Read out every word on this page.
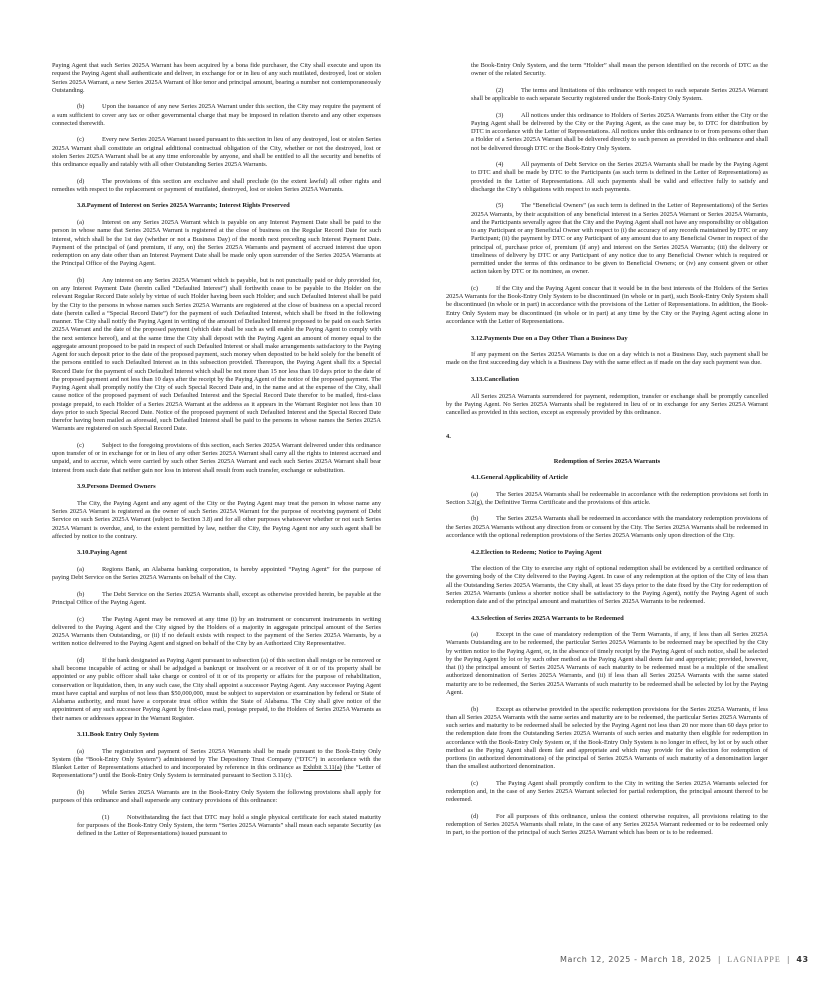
Paying Agent that such Series 2025A Warrant has been acquired by a bona fide purchaser, the City shall execute and upon its request the Paying Agent shall authenticate and deliver, in exchange for or in lieu of any such mutilated, destroyed, lost or stolen Series 2025A Warrant, a new Series 2025A Warrant of like tenor and principal amount, bearing a number not contemporaneously Outstanding.

(b)	Upon the issuance of any new Series 2025A Warrant under this section, the City may require the payment of a sum sufficient to cover any tax or other governmental charge that may be imposed in relation thereto and any other expenses connected therewith.

(c)	Every new Series 2025A Warrant issued pursuant to this section in lieu of any destroyed, lost or stolen Series 2025A Warrant shall constitute an original additional contractual obligation of the City, whether or not the destroyed, lost or stolen Series 2025A Warrant shall be at any time enforceable by anyone, and shall be entitled to all the security and benefits of this ordinance equally and ratably with all other Outstanding Series 2025A Warrants.

(d)	The provisions of this section are exclusive and shall preclude (to the extent lawful) all other rights and remedies with respect to the replacement or payment of mutilated, destroyed, lost or stolen Series 2025A Warrants.

3.8.Payment of Interest on Series 2025A Warrants; Interest Rights Preserved

(a)	Interest on any Series 2025A Warrant which is payable on any Interest Payment Date shall be paid to the person in whose name that Series 2025A Warrant is registered at the close of business on the Regular Record Date for such interest, which shall be the 1st day (whether or not a Business Day) of the month next preceding such Interest Payment Date. Payment of the principal of (and premium, if any, on) the Series 2025A Warrants and payment of accrued interest due upon redemption on any date other than an Interest Payment Date shall be made only upon surrender of the Series 2025A Warrants at the Principal Office of the Paying Agent.

(b)	Any interest on any Series 2025A Warrant which is payable, but is not punctually paid or duly provided for, on any Interest Payment Date (herein called “Defaulted Interest”) shall forthwith cease to be payable to the Holder on the relevant Regular Record Date solely by virtue of such Holder having been such Holder; and such Defaulted Interest shall be paid by the City to the persons in whose names such Series 2025A Warrants are registered at the close of business on a special record date (herein called a “Special Record Date”) for the payment of such Defaulted Interest, which shall be fixed in the following manner. The City shall notify the Paying Agent in writing of the amount of Defaulted Interest proposed to be paid on each Series 2025A Warrant and the date of the proposed payment (which date shall be such as will enable the Paying Agent to comply with the next sentence hereof), and at the same time the City shall deposit with the Paying Agent an amount of money equal to the aggregate amount proposed to be paid in respect of such Defaulted Interest or shall make arrangements satisfactory to the Paying Agent for such deposit prior to the date of the proposed payment, such money when deposited to be held solely for the benefit of the persons entitled to such Defaulted Interest as in this subsection provided. Thereupon, the Paying Agent shall fix a Special Record Date for the payment of such Defaulted Interest which shall be not more than 15 nor less than 10 days prior to the date of the proposed payment and not less than 10 days after the receipt by the Paying Agent of the notice of the proposed payment. The Paying Agent shall promptly notify the City of such Special Record Date and, in the name and at the expense of the City, shall cause notice of the proposed payment of such Defaulted Interest and the Special Record Date therefor to be mailed, first-class postage prepaid, to each Holder of a Series 2025A Warrant at the address as it appears in the Warrant Register not less than 10 days prior to such Special Record Date. Notice of the proposed payment of such Defaulted Interest and the Special Record Date therefor having been mailed as aforesaid, such Defaulted Interest shall be paid to the persons in whose names the Series 2025A Warrants are registered on such Special Record Date.

(c)	Subject to the foregoing provisions of this section, each Series 2025A Warrant delivered under this ordinance upon transfer of or in exchange for or in lieu of any other Series 2025A Warrant shall carry all the rights to interest accrued and unpaid, and to accrue, which were carried by such other Series 2025A Warrant and each such Series 2025A Warrant shall bear interest from such date that neither gain nor loss in interest shall result from such transfer, exchange or substitution.

3.9.Persons Deemed Owners

The City, the Paying Agent and any agent of the City or the Paying Agent may treat the person in whose name any Series 2025A Warrant is registered as the owner of such Series 2025A Warrant for the purpose of receiving payment of Debt Service on such Series 2025A Warrant (subject to Section 3.8) and for all other purposes whatsoever whether or not such Series 2025A Warrant is overdue, and, to the extent permitted by law, neither the City, the Paying Agent nor any such agent shall be affected by notice to the contrary.

3.10.Paying Agent

(a)	Regions Bank, an Alabama banking corporation, is hereby appointed “Paying Agent” for the purpose of paying Debt Service on the Series 2025A Warrants on behalf of the City.

(b)	The Debt Service on the Series 2025A Warrants shall, except as otherwise provided herein, be payable at the Principal Office of the Paying Agent.

(c)	The Paying Agent may be removed at any time (i) by an instrument or concurrent instruments in writing delivered to the Paying Agent and the City signed by the Holders of a majority in aggregate principal amount of the Series 2025A Warrants then Outstanding, or (ii) if no default exists with respect to the payment of the Series 2025A Warrants, by a written notice delivered to the Paying Agent and signed on behalf of the City by an Authorized City Representative.

(d)	If the bank designated as Paying Agent pursuant to subsection (a) of this section shall resign or be removed or shall become incapable of acting or shall be adjudged a bankrupt or insolvent or a receiver of it or of its property shall be appointed or any public officer shall take charge or control of it or of its property or affairs for the purpose of rehabilitation, conservation or liquidation, then, in any such case, the City shall appoint a successor Paying Agent. Any successor Paying Agent must have capital and surplus of not less than $50,000,000, must be subject to supervision or examination by federal or State of Alabama authority, and must have a corporate trust office within the State of Alabama. The City shall give notice of the appointment of any such successor Paying Agent by first-class mail, postage prepaid, to the Holders of Series 2025A Warrants as their names or addresses appear in the Warrant Register.

3.11.Book Entry Only System

(a)	The registration and payment of Series 2025A Warrants shall be made pursuant to the Book-Entry Only System (the “Book-Entry Only System”) administered by The Depository Trust Company (“DTC”) in accordance with the Blanket Letter of Representations attached to and incorporated by reference in this ordinance as Exhibit 3.11(a) (the “Letter of Representations”) until the Book-Entry Only System is terminated pursuant to Section 3.11(c).

(b)	While Series 2025A Warrants are in the Book-Entry Only System the following provisions shall apply for purposes of this ordinance and shall supersede any contrary provisions of this ordinance:

(1)	Notwithstanding the fact that DTC may hold a single physical certificate for each stated maturity for purposes of the Book-Entry Only System, the term “Series 2025A Warrants” shall mean each separate Security (as defined in the Letter of Representations) issued pursuant to

the Book-Entry Only System, and the term “Holder” shall mean the person identified on the records of DTC as the owner of the related Security.

(2)	The terms and limitations of this ordinance with respect to each separate Series 2025A Warrant shall be applicable to each separate Security registered under the Book-Entry Only System.

(3)	All notices under this ordinance to Holders of Series 2025A Warrants from either the City or the Paying Agent shall be delivered by the City or the Paying Agent, as the case may be, to DTC for distribution by DTC in accordance with the Letter of Representations. All notices under this ordinance to or from persons other than a Holder of a Series 2025A Warrant shall be delivered directly to such person as provided in this ordinance and shall not be delivered through DTC or the Book-Entry Only System.

(4)	All payments of Debt Service on the Series 2025A Warrants shall be made by the Paying Agent to DTC and shall be made by DTC to the Participants (as such term is defined in the Letter of Representations) as provided in the Letter of Representations. All such payments shall be valid and effective fully to satisfy and discharge the City’s obligations with respect to such payments.

(5)	The “Beneficial Owners” (as such term is defined in the Letter of Representations) of the Series 2025A Warrants, by their acquisition of any beneficial interest in a Series 2025A Warrant or Series 2025A Warrants, and the Participants severally agree that the City and the Paying Agent shall not have any responsibility or obligation to any Participant or any Beneficial Owner with respect to (i) the accuracy of any records maintained by DTC or any Participant; (ii) the payment by DTC or any Participant of any amount due to any Beneficial Owner in respect of the principal of, purchase price of, premium (if any) and interest on the Series 2025A Warrants; (iii) the delivery or timeliness of delivery by DTC or any Participant of any notice due to any Beneficial Owner which is required or permitted under the terms of this ordinance to be given to Beneficial Owners; or (iv) any consent given or other action taken by DTC or its nominee, as owner.

(c)	If the City and the Paying Agent concur that it would be in the best interests of the Holders of the Series 2025A Warrants for the Book-Entry Only System to be discontinued (in whole or in part), such Book-Entry Only System shall be discontinued (in whole or in part) in accordance with the provisions of the Letter of Representations. In addition, the Book-Entry Only System may be discontinued (in whole or in part) at any time by the City or the Paying Agent acting alone in accordance with the Letter of Representations.

3.12.Payments Due on a Day Other Than a Business Day

If any payment on the Series 2025A Warrants is due on a day which is not a Business Day, such payment shall be made on the first succeeding day which is a Business Day with the same effect as if made on the day such payment was due.

3.13.Cancellation

All Series 2025A Warrants surrendered for payment, redemption, transfer or exchange shall be promptly cancelled by the Paying Agent. No Series 2025A Warrants shall be registered in lieu of or in exchange for any Series 2025A Warrant cancelled as provided in this section, except as expressly provided by this ordinance.

4.
Redemption of Series 2025A Warrants
4.1.General Applicability of Article

(a)	The Series 2025A Warrants shall be redeemable in accordance with the redemption provisions set forth in Section 3.2(g), the Definitive Terms Certificate and the provisions of this article.

(b)	The Series 2025A Warrants shall be redeemed in accordance with the mandatory redemption provisions of the Series 2025A Warrants without any direction from or consent by the City. The Series 2025A Warrants shall be redeemed in accordance with the optional redemption provisions of the Series 2025A Warrants only upon direction of the City.

4.2.Election to Redeem; Notice to Paying Agent

The election of the City to exercise any right of optional redemption shall be evidenced by a certified ordinance of the governing body of the City delivered to the Paying Agent. In case of any redemption at the option of the City of less than all the Outstanding Series 2025A Warrants, the City shall, at least 35 days prior to the date fixed by the City for redemption of Series 2025A Warrants (unless a shorter notice shall be satisfactory to the Paying Agent), notify the Paying Agent of such redemption date and of the principal amount and maturities of Series 2025A Warrants to be redeemed.

4.3.Selection of Series 2025A Warrants to be Redeemed

(a)	Except in the case of mandatory redemption of the Term Warrants, if any, if less than all Series 2025A Warrants Outstanding are to be redeemed, the particular Series 2025A Warrants to be redeemed may be specified by the City by written notice to the Paying Agent, or, in the absence of timely receipt by the Paying Agent of such notice, shall be selected by the Paying Agent by lot or by such other method as the Paying Agent shall deem fair and appropriate; provided, however, that (i) the principal amount of Series 2025A Warrants of each maturity to be redeemed must be a multiple of the smallest authorized denomination of Series 2025A Warrants, and (ii) if less than all Series 2025A Warrants with the same stated maturity are to be redeemed, the Series 2025A Warrants of such maturity to be redeemed shall be selected by lot by the Paying Agent.

(b)	Except as otherwise provided in the specific redemption provisions for the Series 2025A Warrants, if less than all Series 2025A Warrants with the same series and maturity are to be redeemed, the particular Series 2025A Warrants of such series and maturity to be redeemed shall be selected by the Paying Agent not less than 20 nor more than 60 days prior to the redemption date from the Outstanding Series 2025A Warrants of such series and maturity then eligible for redemption in accordance with the Book-Entry Only System or, if the Book-Entry Only System is no longer in effect, by lot or by such other method as the Paying Agent shall deem fair and appropriate and which may provide for the selection for redemption of portions (in authorized denominations) of the principal of Series 2025A Warrants of such maturity of a denomination larger than the smallest authorized denomination.

(c)	The Paying Agent shall promptly confirm to the City in writing the Series 2025A Warrants selected for redemption and, in the case of any Series 2025A Warrant selected for partial redemption, the principal amount thereof to be redeemed.

(d)	For all purposes of this ordinance, unless the context otherwise requires, all provisions relating to the redemption of Series 2025A Warrants shall relate, in the case of any Series 2025A Warrant redeemed or to be redeemed only in part, to the portion of the principal of such Series 2025A Warrant which has been or is to be redeemed.

March 12, 2025 - March 18, 2025 | LAGNIAPPE | 43
